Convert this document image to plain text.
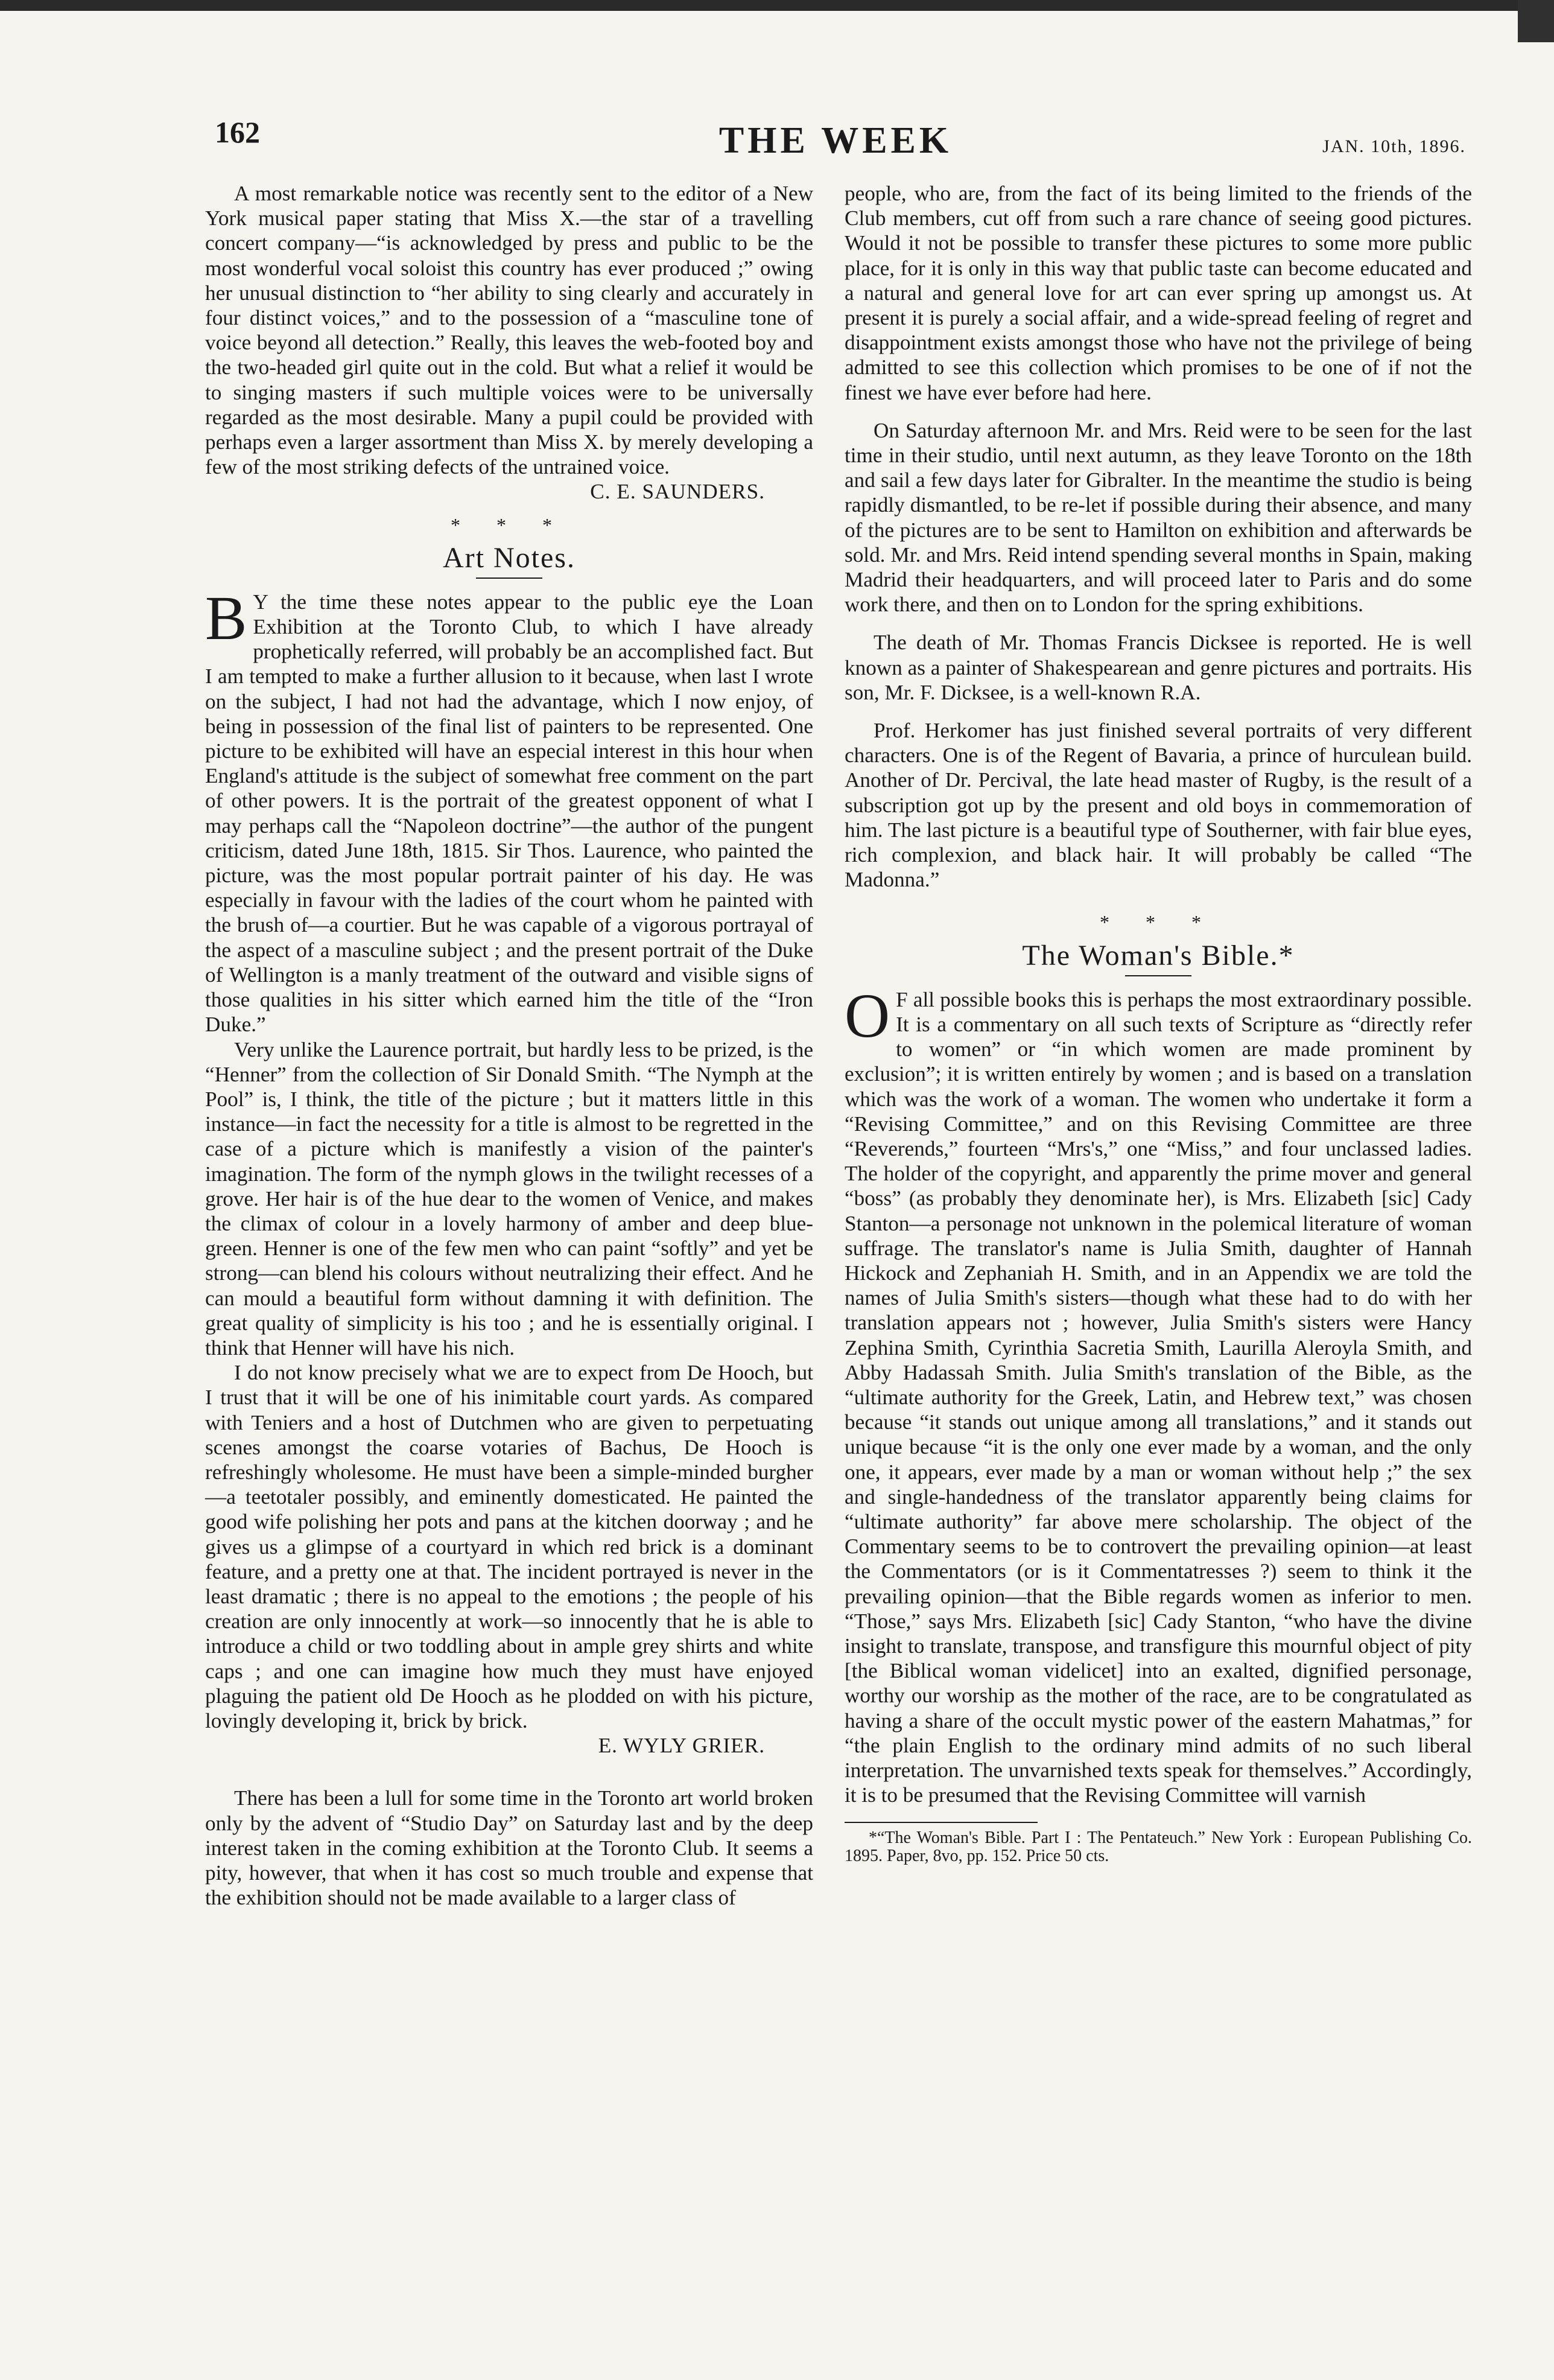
162	THE WEEK	JAN. 10th, 1896.

A most remarkable notice was recently sent to the editor of a New York musical paper stating that Miss X.—the star of a travelling concert company—“is acknowledged by press and public to be the most wonderful vocal soloist this country has ever produced ;” owing her unusual distinction to “her ability to sing clearly and accurately in four distinct voices,” and to the possession of a “masculine tone of voice beyond all detection.” Really, this leaves the web-footed boy and the two-headed girl quite out in the cold. But what a relief it would be to singing masters if such multiple voices were to be universally regarded as the most desirable. Many a pupil could be provided with perhaps even a larger assortment than Miss X. by merely developing a few of the most striking defects of the untrained voice.

C. E. SAUNDERS.

* * *
Art Notes.

B Y the time these notes appear to the public eye the Loan Exhibition at the Toronto Club, to which I have already prophetically referred, will probably be an accomplished fact. But I am tempted to make a further allusion to it because, when last I wrote on the subject, I had not had the advantage, which I now enjoy, of being in possession of the final list of painters to be represented. One picture to be exhibited will have an especial interest in this hour when England's attitude is the subject of somewhat free comment on the part of other powers. It is the portrait of the greatest opponent of what I may perhaps call the “Napoleon doctrine”—the author of the pungent criticism, dated June 18th, 1815. Sir Thos. Laurence, who painted the picture, was the most popular portrait painter of his day. He was especially in favour with the ladies of the court whom he painted with the brush of—a courtier. But he was capable of a vigorous portrayal of the aspect of a masculine subject ; and the present portrait of the Duke of Wellington is a manly treatment of the outward and visible signs of those qualities in his sitter which earned him the title of the “Iron Duke.”

Very unlike the Laurence portrait, but hardly less to be prized, is the “Henner” from the collection of Sir Donald Smith. “The Nymph at the Pool” is, I think, the title of the picture ; but it matters little in this instance—in fact the necessity for a title is almost to be regretted in the case of a picture which is manifestly a vision of the painter's imagination. The form of the nymph glows in the twilight recesses of a grove. Her hair is of the hue dear to the women of Venice, and makes the climax of colour in a lovely harmony of amber and deep blue-green. Henner is one of the few men who can paint “softly” and yet be strong—can blend his colours without neutralizing their effect. And he can mould a beautiful form without damning it with definition. The great quality of simplicity is his too ; and he is essentially original. I think that Henner will have his nich.

I do not know precisely what we are to expect from De Hooch, but I trust that it will be one of his inimitable court yards. As compared with Teniers and a host of Dutchmen who are given to perpetuating scenes amongst the coarse votaries of Bachus, De Hooch is refreshingly wholesome. He must have been a simple-minded burgher—a teetotaler possibly, and eminently domesticated. He painted the good wife polishing her pots and pans at the kitchen doorway ; and he gives us a glimpse of a courtyard in which red brick is a dominant feature, and a pretty one at that. The incident portrayed is never in the least dramatic ; there is no appeal to the emotions ; the people of his creation are only innocently at work—so innocently that he is able to introduce a child or two toddling about in ample grey shirts and white caps ; and one can imagine how much they must have enjoyed plaguing the patient old De Hooch as he plodded on with his picture, lovingly developing it, brick by brick.

E. WYLY GRIER.

There has been a lull for some time in the Toronto art world broken only by the advent of “Studio Day” on Saturday last and by the deep interest taken in the coming exhibition at the Toronto Club. It seems a pity, however, that when it has cost so much trouble and expense that the exhibition should not be made available to a larger class of

people, who are, from the fact of its being limited to the friends of the Club members, cut off from such a rare chance of seeing good pictures. Would it not be possible to transfer these pictures to some more public place, for it is only in this way that public taste can become educated and a natural and general love for art can ever spring up amongst us. At present it is purely a social affair, and a wide-spread feeling of regret and disappointment exists amongst those who have not the privilege of being admitted to see this collection which promises to be one of if not the finest we have ever before had here.

On Saturday afternoon Mr. and Mrs. Reid were to be seen for the last time in their studio, until next autumn, as they leave Toronto on the 18th and sail a few days later for Gibralter. In the meantime the studio is being rapidly dismantled, to be re-let if possible during their absence, and many of the pictures are to be sent to Hamilton on exhibition and afterwards be sold. Mr. and Mrs. Reid intend spending several months in Spain, making Madrid their headquarters, and will proceed later to Paris and do some work there, and then on to London for the spring exhibitions.

The death of Mr. Thomas Francis Dicksee is reported. He is well known as a painter of Shakespearean and genre pictures and portraits. His son, Mr. F. Dicksee, is a well-known R.A.

Prof. Herkomer has just finished several portraits of very different characters. One is of the Regent of Bavaria, a prince of hurculean build. Another of Dr. Percival, the late head master of Rugby, is the result of a subscription got up by the present and old boys in commemoration of him. The last picture is a beautiful type of Southerner, with fair blue eyes, rich complexion, and black hair. It will probably be called “The Madonna.”

* * *
The Woman's Bible.*

O F all possible books this is perhaps the most extraordinary possible. It is a commentary on all such texts of Scripture as “directly refer to women” or “in which women are made prominent by exclusion”; it is written entirely by women ; and is based on a translation which was the work of a woman. The women who undertake it form a “Revising Committee,” and on this Revising Committee are three “Reverends,” fourteen “Mrs's,” one “Miss,” and four unclassed ladies. The holder of the copyright, and apparently the prime mover and general “boss” (as probably they denominate her), is Mrs. Elizabeth [sic] Cady Stanton—a personage not unknown in the polemical literature of woman suffrage. The translator's name is Julia Smith, daughter of Hannah Hickock and Zephaniah H. Smith, and in an Appendix we are told the names of Julia Smith's sisters—though what these had to do with her translation appears not ; however, Julia Smith's sisters were Hancy Zephina Smith, Cyrinthia Sacretia Smith, Laurilla Aleroyla Smith, and Abby Hadassah Smith. Julia Smith's translation of the Bible, as the “ultimate authority for the Greek, Latin, and Hebrew text,” was chosen because “it stands out unique among all translations,” and it stands out unique because “it is the only one ever made by a woman, and the only one, it appears, ever made by a man or woman without help ;” the sex and single-handedness of the translator apparently being claims for “ultimate authority” far above mere scholarship. The object of the Commentary seems to be to controvert the prevailing opinion—at least the Commentators (or is it Commentatresses ?) seem to think it the prevailing opinion—that the Bible regards women as inferior to men. “Those,” says Mrs. Elizabeth [sic] Cady Stanton, “who have the divine insight to translate, transpose, and transfigure this mournful object of pity [the Biblical woman videlicet] into an exalted, dignified personage, worthy our worship as the mother of the race, are to be congratulated as having a share of the occult mystic power of the eastern Mahatmas,” for “the plain English to the ordinary mind admits of no such liberal interpretation. The unvarnished texts speak for themselves.” Accordingly, it is to be presumed that the Revising Committee will varnish

*“The Woman's Bible. Part I : The Pentateuch.” New York : European Publishing Co. 1895. Paper, 8vo, pp. 152. Price 50 cts.
